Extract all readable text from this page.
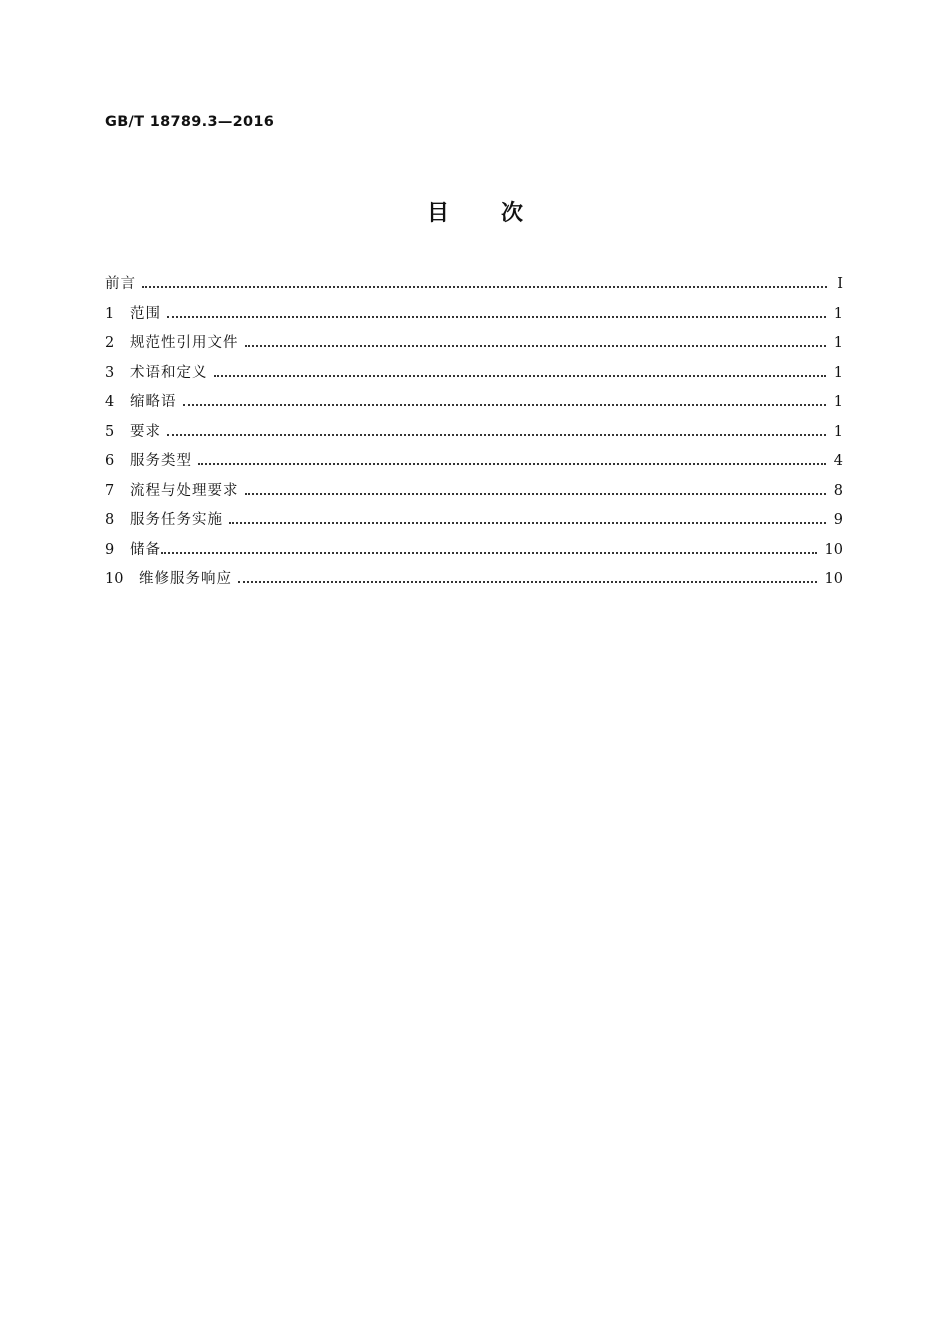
GB/T 18789.3—2016
目 次
前言	Ⅰ
1	范围	1
2	规范性引用文件	1
3	术语和定义	1
4	缩略语	1
5	要求	1
6	服务类型	4
7	流程与处理要求	8
8	服务任务实施	9
9	储备	10
10	维修服务响应	10
